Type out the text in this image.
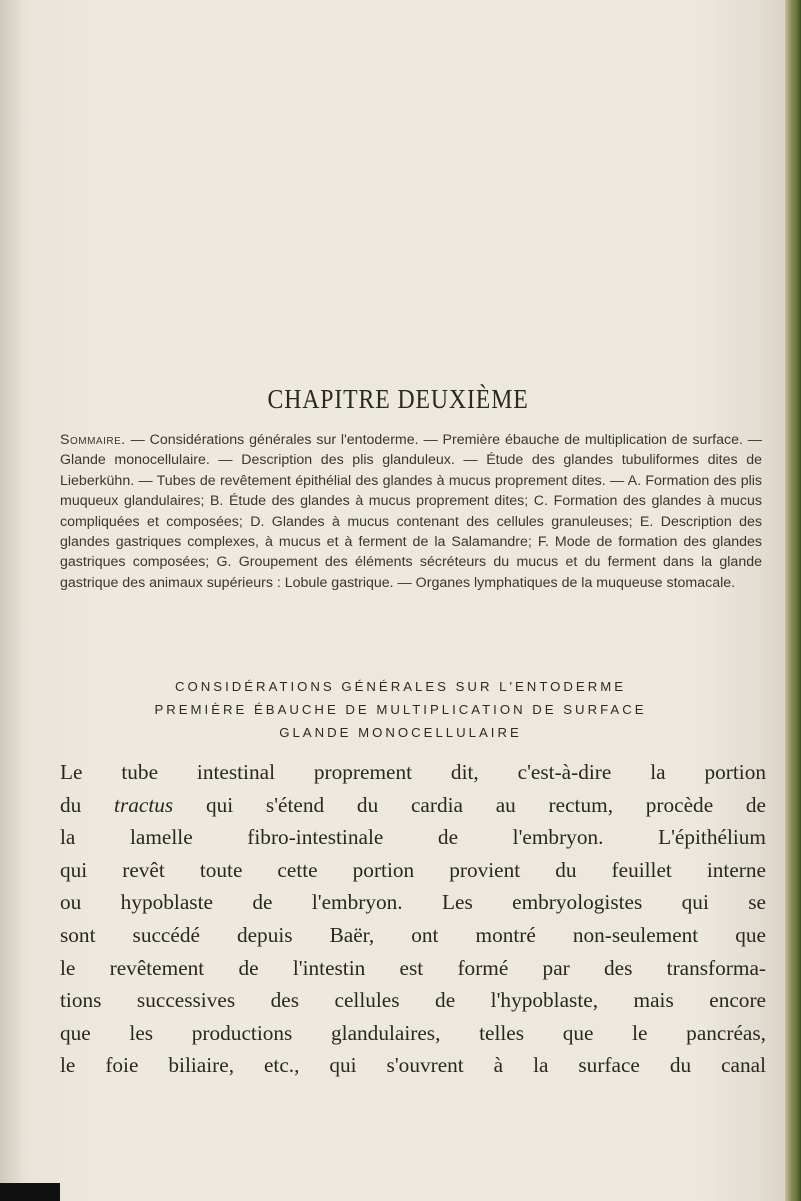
CHAPITRE DEUXIÈME
Sommaire. — Considérations générales sur l'entoderme. — Première ébauche de multiplication de surface. — Glande monocellulaire. — Description des plis glanduleux. — Étude des glandes tubuliformes dites de Lieberkühn. — Tubes de revêtement épithélial des glandes à mucus proprement dites. — A. Formation des plis muqueux glandulaires; B. Étude des glandes à mucus proprement dites; C. Formation des glandes à mucus compliquées et composées; D. Glandes à mucus contenant des cellules granuleuses; E. Description des glandes gastriques complexes, à mucus et à ferment de la Salamandre; F. Mode de formation des glandes gastriques composées; G. Groupement des éléments sécréteurs du mucus et du ferment dans la glande gastrique des animaux supérieurs : Lobule gastrique. — Organes lymphatiques de la muqueuse stomacale.
CONSIDÉRATIONS GÉNÉRALES SUR L'ENTODERME
PREMIÈRE ÉBAUCHE DE MULTIPLICATION DE SURFACE
GLANDE MONOCELLULAIRE
Le tube intestinal proprement dit, c'est-à-dire la portion
du tractus qui s'étend du cardia au rectum, procède de
la lamelle fibro-intestinale de l'embryon. L'épithélium
qui revêt toute cette portion provient du feuillet interne
ou hypoblaste de l'embryon. Les embryologistes qui se
sont succédé depuis Baër, ont montré non-seulement que
le revêtement de l'intestin est formé par des transforma-
tions successives des cellules de l'hypoblaste, mais encore
que les productions glandulaires, telles que le pancréas,
le foie biliaire, etc., qui s'ouvrent à la surface du canal
